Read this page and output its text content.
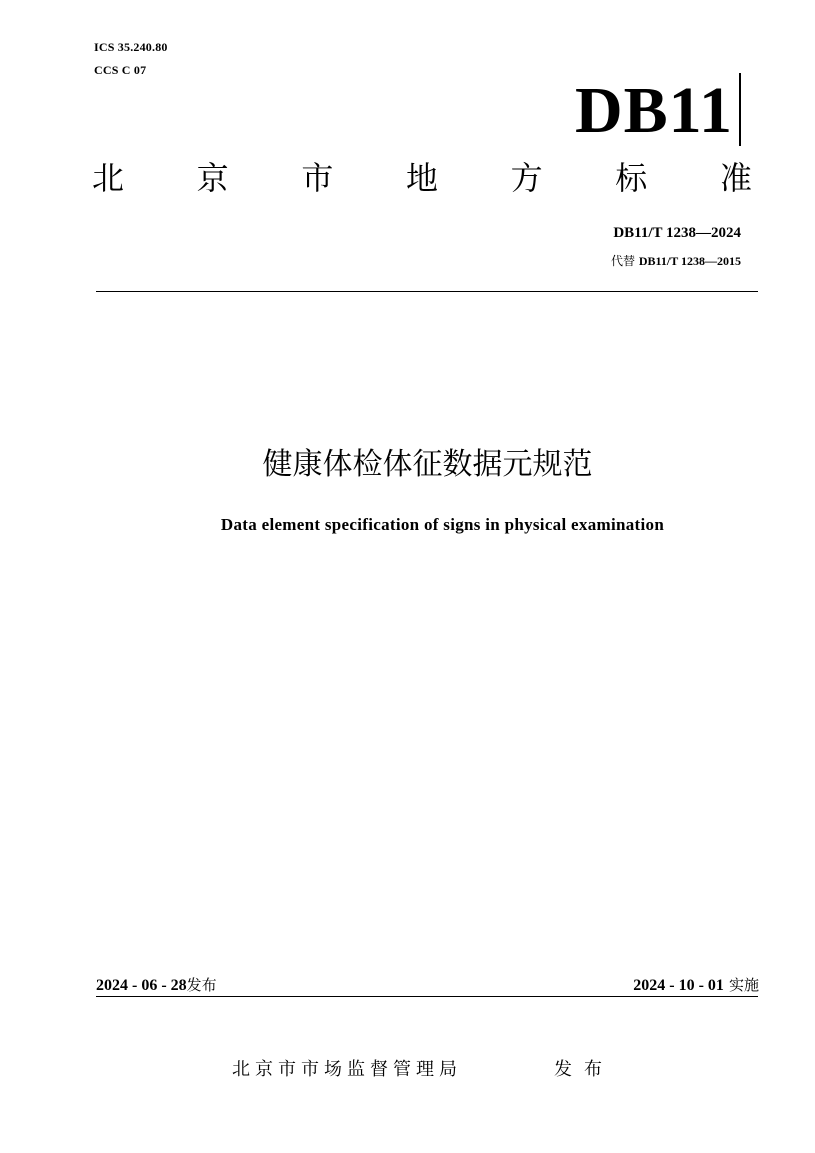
ICS 35.240.80
CCS C 07
DB11
北 京 市 地 方 标 准
DB11/T 1238—2024
代替 DB11/T 1238—2015
健康体检体征数据元规范
Data element specification of signs in physical examination
2024 - 06 - 28发布	2024 - 10 - 01 实施
北京市市场监督管理局	发布
